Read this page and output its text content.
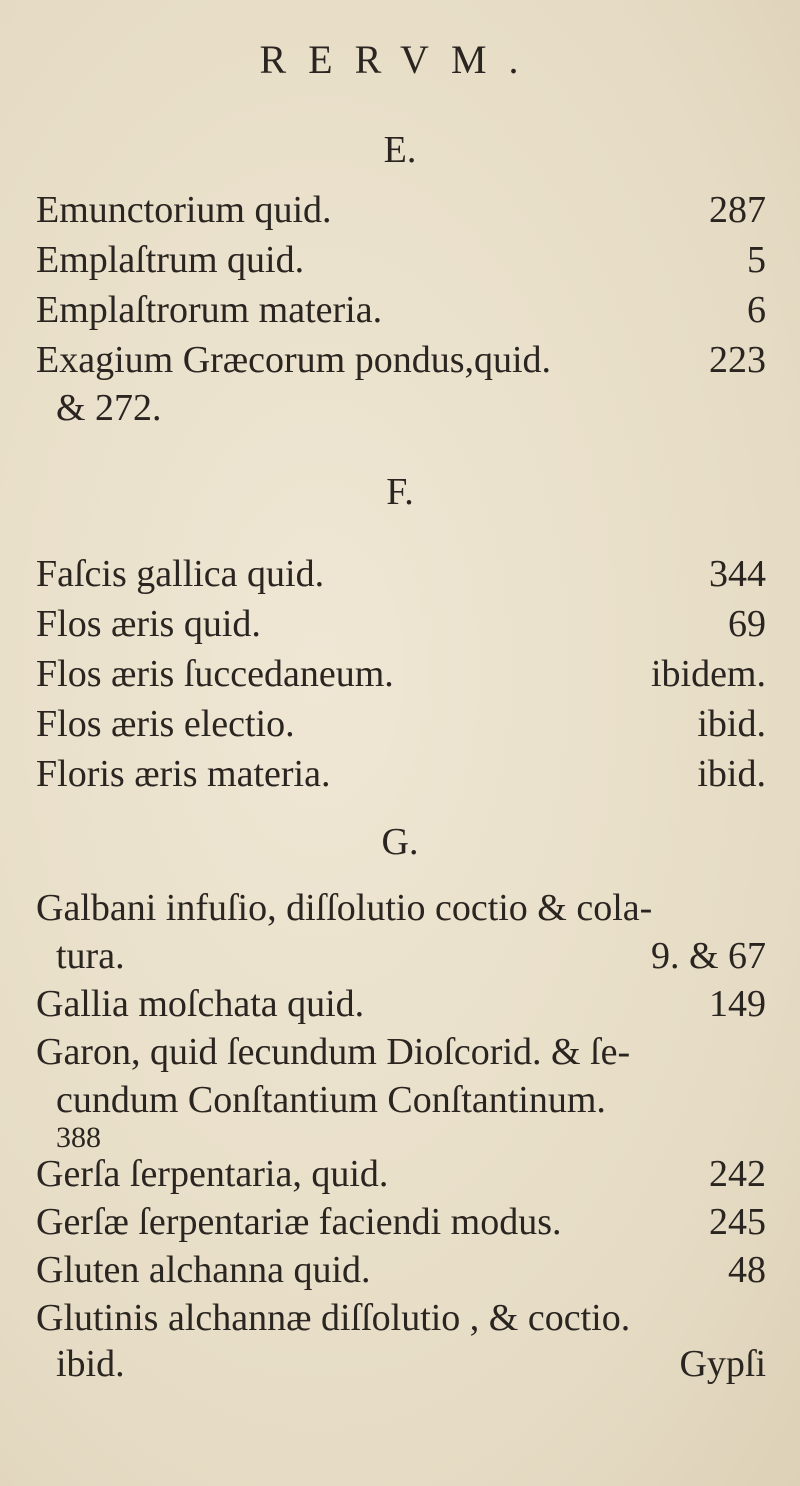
RERVM.
E.
Emunctorium quid.	287
Emplaſtrum quid.	5
Emplaſtrorum materia.	6
Exagium Græcorum pondus,quid.	223
& 272.
F.
Faſcis gallica quid.	344
Flos æris quid.	69
Flos æris ſuccedaneum.	ibidem.
Flos æris electio.	ibid.
Floris æris materia.	ibid.
G.
Galbani infuſio, diſſolutio coctio & cola-
tura.	9. & 67
Gallia moſchata quid.	149
Garon, quid ſecundum Dioſcorid. & ſe-
cundum Conſtantium Conſtantinum.
388
Gerſa ſerpentaria, quid.	242
Gerſæ ſerpentariæ faciendi modus.	245
Gluten alchanna quid.	48
Glutinis alchannæ diſſolutio , & coctio.
ibid.	Gypſi
